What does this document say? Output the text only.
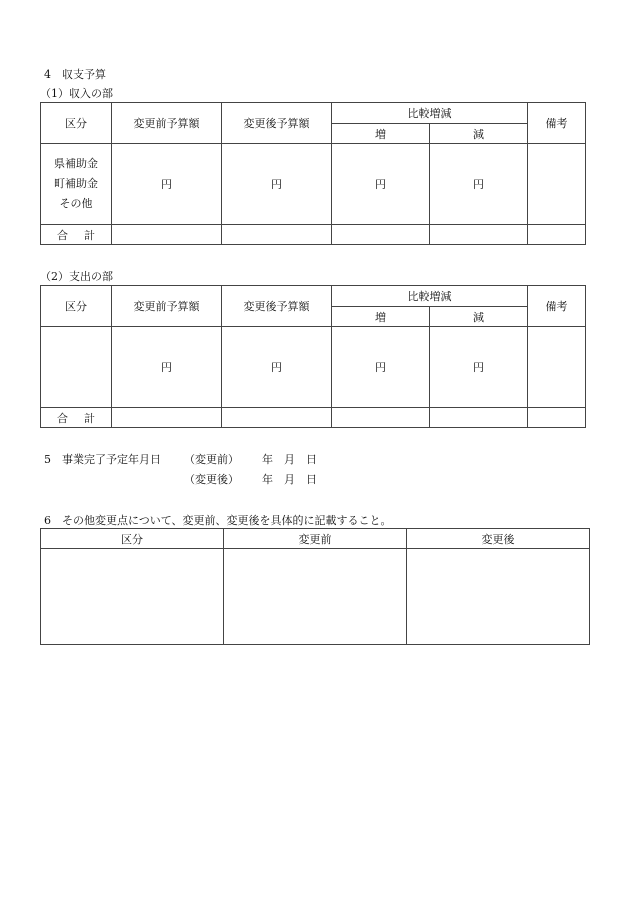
4　収支予算
（1）収入の部
区分	変更前予算額	変更後予算額	比較増減		備考
			増	減	

県補助金
町補助金
その他	円	円	円	円	
合 計					
（2）支出の部
区分	変更前予算額	変更後予算額	比較増減		備考
			増	減	
	円	円	円	円	
合 計					
5　事業完了予定年月日 （変更前） 年　月　日
（変更後） 年　月　日
6　その他変更点について、変更前、変更後を具体的に記載すること。
区分	変更前	変更後
